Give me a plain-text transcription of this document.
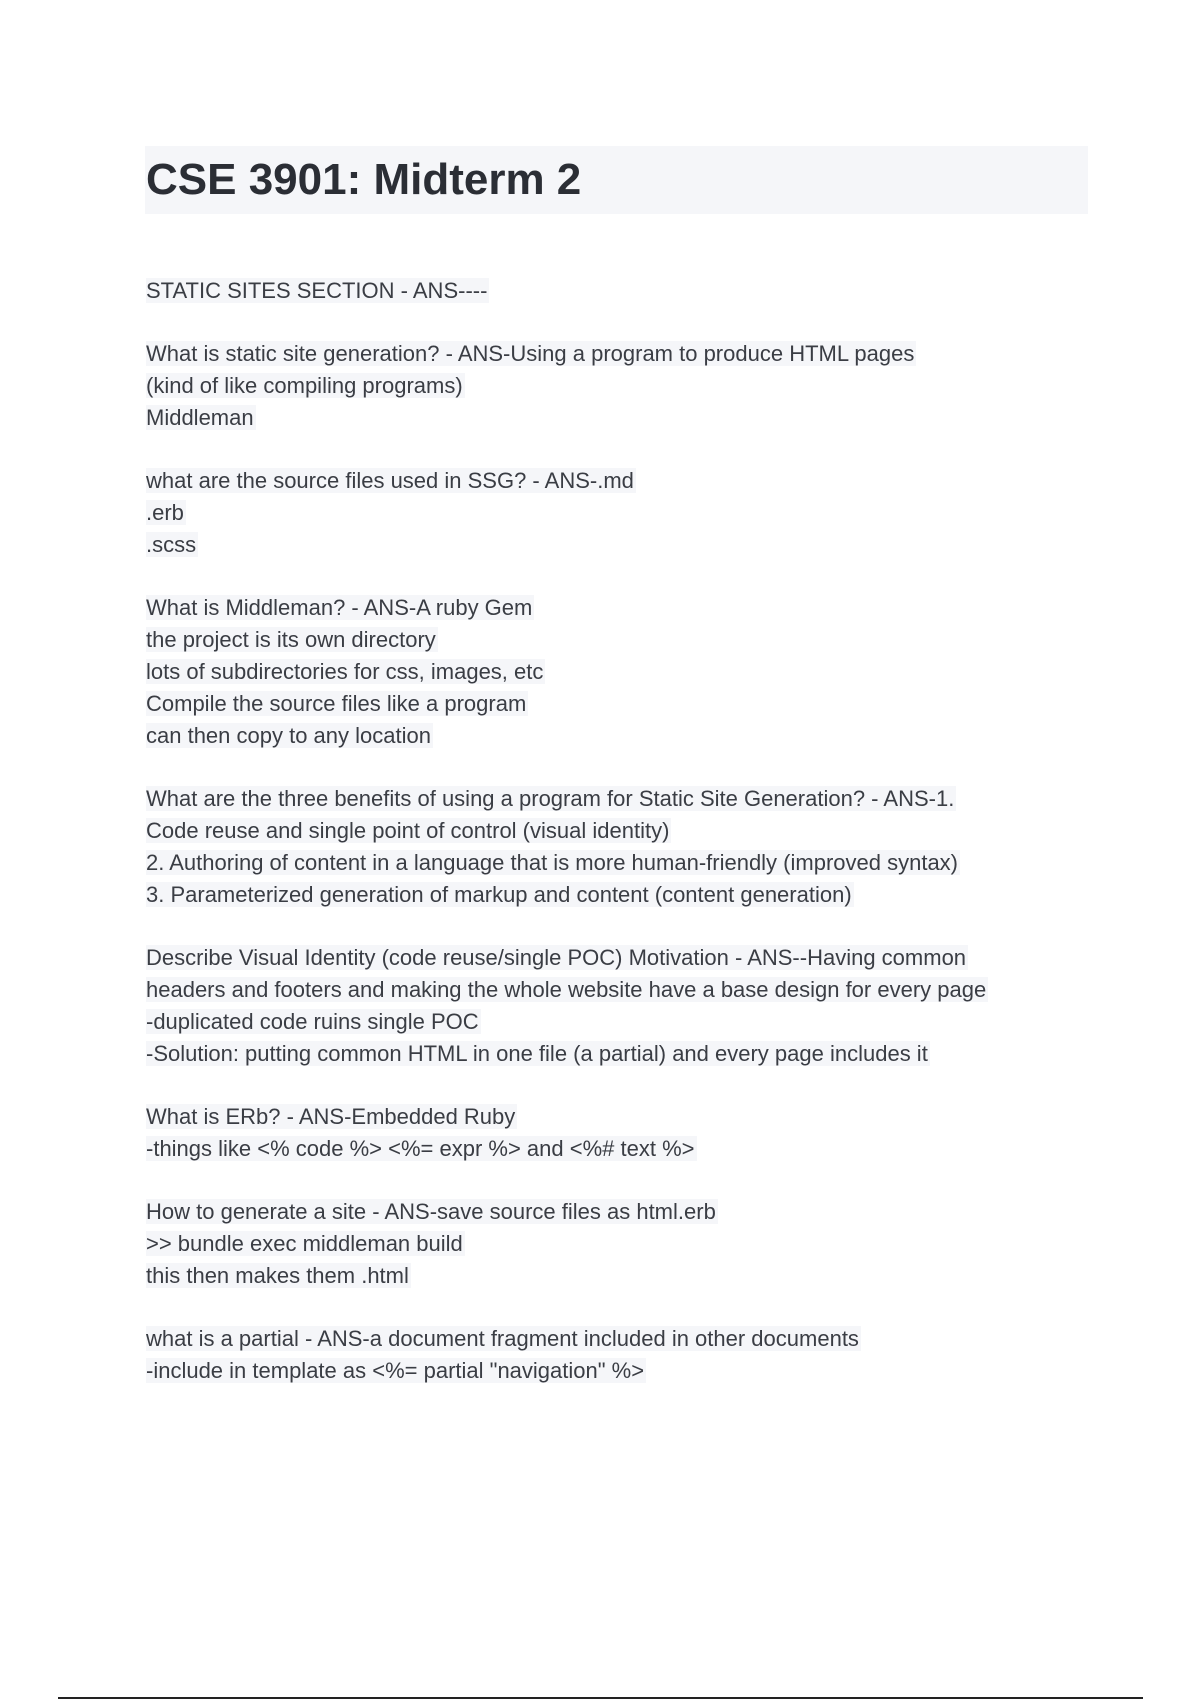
CSE 3901: Midterm 2
STATIC SITES SECTION - ANS----
What is static site generation? - ANS-Using a program to produce HTML pages
(kind of like compiling programs)
Middleman
what are the source files used in SSG? - ANS-.md
.erb
.scss
What is Middleman? - ANS-A ruby Gem
the project is its own directory
lots of subdirectories for css, images, etc
Compile the source files like a program
can then copy to any location
What are the three benefits of using a program for Static Site Generation? - ANS-1.
Code reuse and single point of control (visual identity)
2. Authoring of content in a language that is more human-friendly (improved syntax)
3. Parameterized generation of markup and content (content generation)
Describe Visual Identity (code reuse/single POC) Motivation - ANS--Having common
headers and footers and making the whole website have a base design for every page
-duplicated code ruins single POC
-Solution: putting common HTML in one file (a partial) and every page includes it
What is ERb? - ANS-Embedded Ruby
-things like <% code %> <%= expr %> and <%# text %>
How to generate a site - ANS-save source files as html.erb
>> bundle exec middleman build
this then makes them .html
what is a partial - ANS-a document fragment included in other documents
-include in template as <%= partial "navigation" %>
